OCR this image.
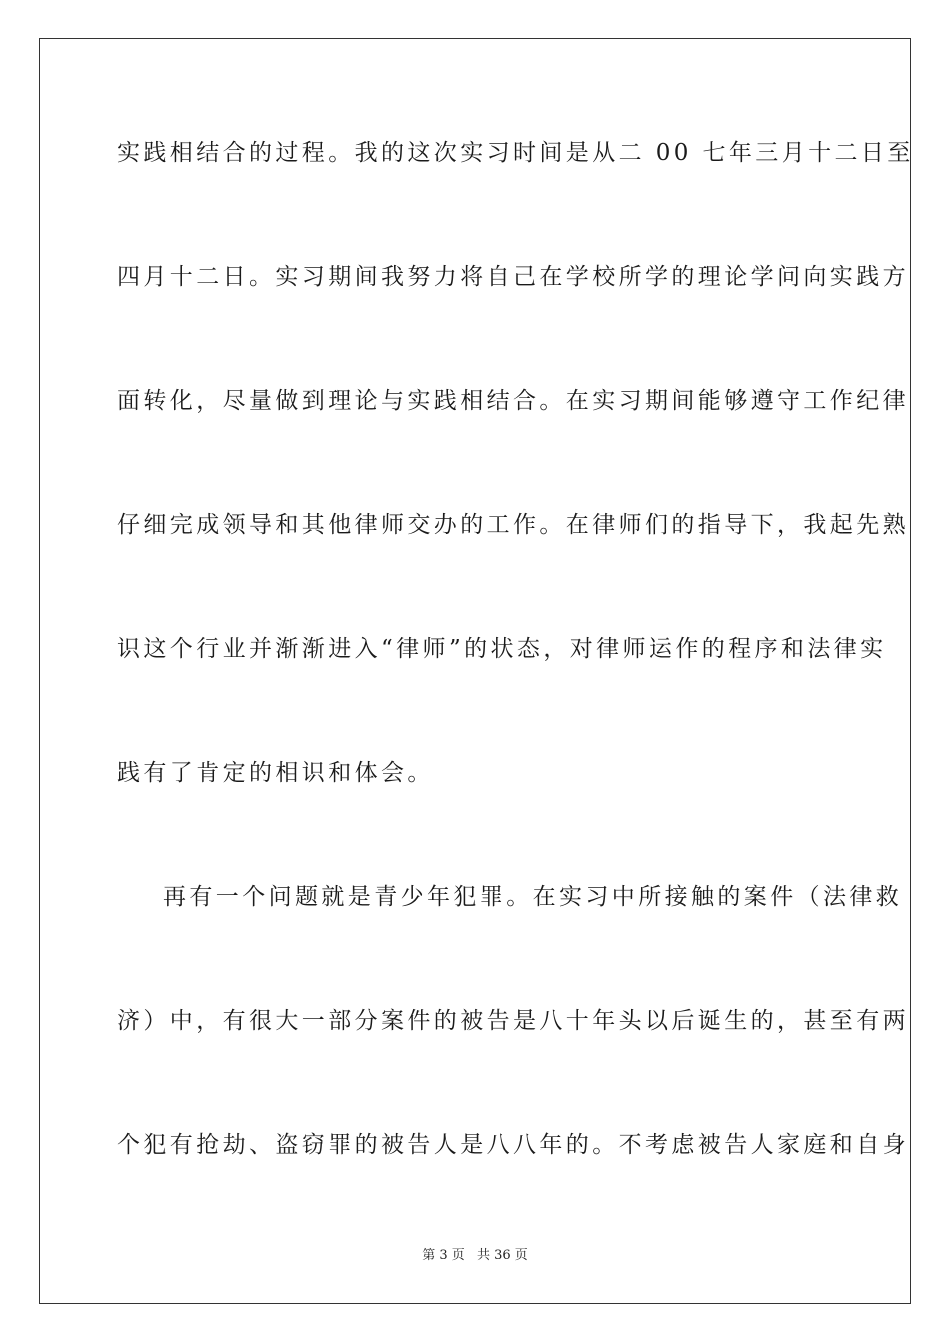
实践相结合的过程。我的这次实习时间是从二 00 七年三月十二日至
四月十二日。实习期间我努力将自己在学校所学的理论学问向实践方
面转化，尽量做到理论与实践相结合。在实习期间能够遵守工作纪律
仔细完成领导和其他律师交办的工作。在律师们的指导下，我起先熟
识这个行业并渐渐进入“律师”的状态，对律师运作的程序和法律实
践有了肯定的相识和体会。
再有一个问题就是青少年犯罪。在实习中所接触的案件（法律救
济）中，有很大一部分案件的被告是八十年头以后诞生的，甚至有两
个犯有抢劫、盗窃罪的被告人是八八年的。不考虑被告人家庭和自身
第 3 页 共 36 页
